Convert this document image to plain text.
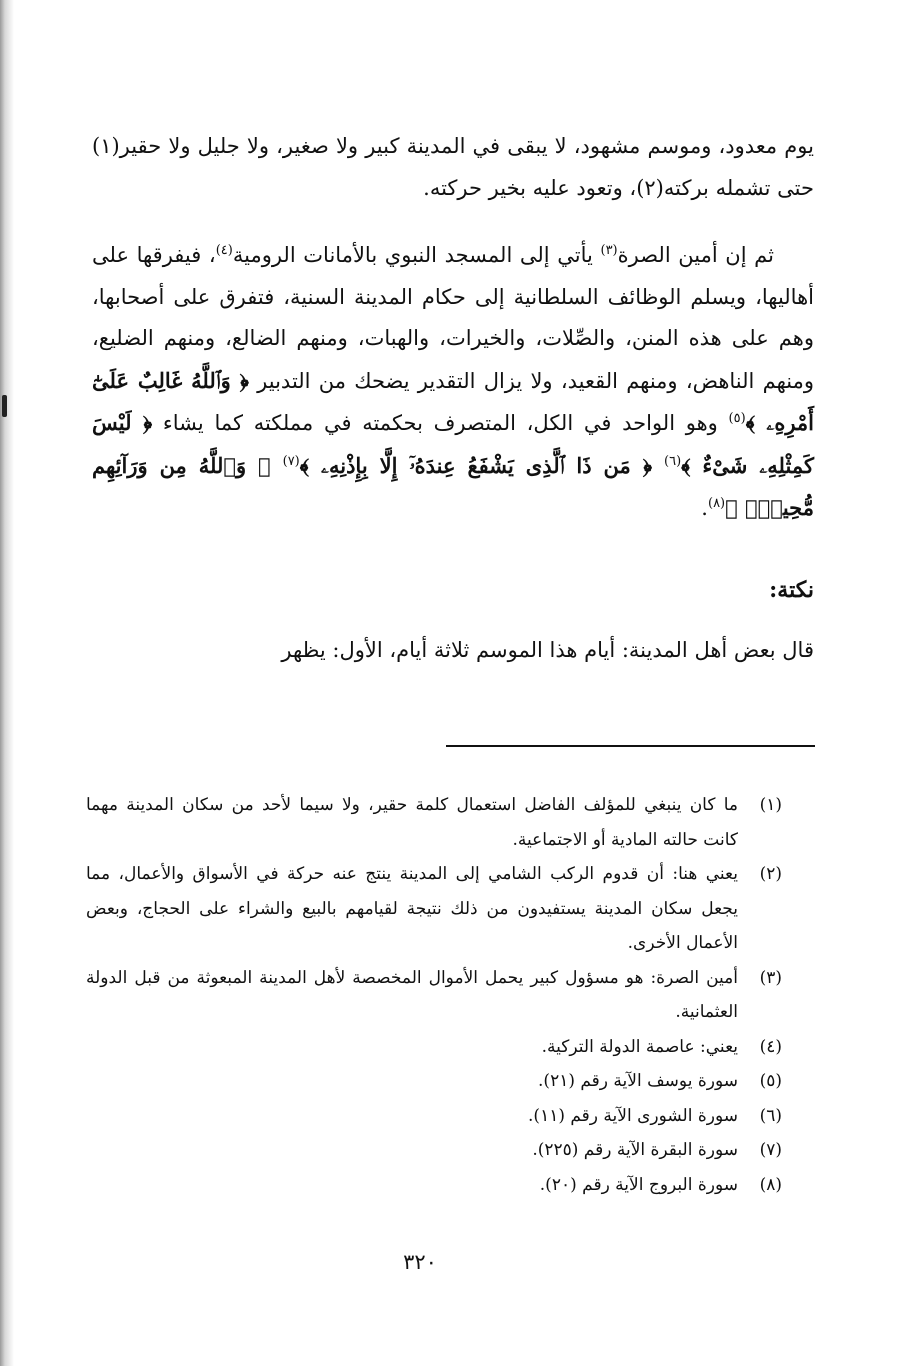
يوم معدود، وموسم مشهود، لا يبقى في المدينة كبير ولا صغير، ولا جليل ولا حقير(١) حتى تشمله بركته(٢)، وتعود عليه بخير حركته.

ثم إن أمين الصرة$^{(٣)}$ يأتي إلى المسجد النبوي بالأمانات الرومية$^{(٤)}$، فيفرقها على أهاليها، ويسلم الوظائف السلطانية إلى حكام المدينة السنية، فتفرق على أصحابها، وهم على هذه المنن، والصِّلات، والخيرات، والهبات، ومنهم الضالع، ومنهم الضليع، ومنهم الناهض، ومنهم القعيد، ولا يزال التقدير يضحك من التدبير ﴿ وَٱللَّهُ غَالِبٌ عَلَىٰٓ أَمْرِهِۦ ﴾$^{(٥)}$ وهو الواحد في الكل، المتصرف بحكمته في مملكته كما يشاء ﴿ لَيْسَ كَمِثْلِهِۦ شَىْءٌ ﴾$^{(٦)}$ ﴿ مَن ذَا ٱلَّذِى يَشْفَعُ عِندَهُۥٓ إِلَّا بِإِذْنِهِۦ ﴾$^{(٧)}$ ﴿ وَٱللَّهُ مِن وَرَآئِهِم مُّحِيطٌۢ ﴾$^{(٨)}$.

نكتة:

قال بعض أهل المدينة: أيام هذا الموسم ثلاثة أيام، الأول: يظهر

(١)
ما كان ينبغي للمؤلف الفاضل استعمال كلمة حقير، ولا سيما لأحد من سكان المدينة مهما كانت حالته المادية أو الاجتماعية.
(٢)
يعني هنا: أن قدوم الركب الشامي إلى المدينة ينتج عنه حركة في الأسواق والأعمال، مما يجعل سكان المدينة يستفيدون من ذلك نتيجة لقيامهم بالبيع والشراء على الحجاج، وبعض الأعمال الأخرى.
(٣)
أمين الصرة: هو مسؤول كبير يحمل الأموال المخصصة لأهل المدينة المبعوثة من قبل الدولة العثمانية.
(٤)
يعني: عاصمة الدولة التركية.
(٥)
سورة يوسف الآية رقم (٢١).
(٦)
سورة الشورى الآية رقم (١١).
(٧)
سورة البقرة الآية رقم (٢٢٥).
(٨)
سورة البروج الآية رقم (٢٠).
٣٢٠
